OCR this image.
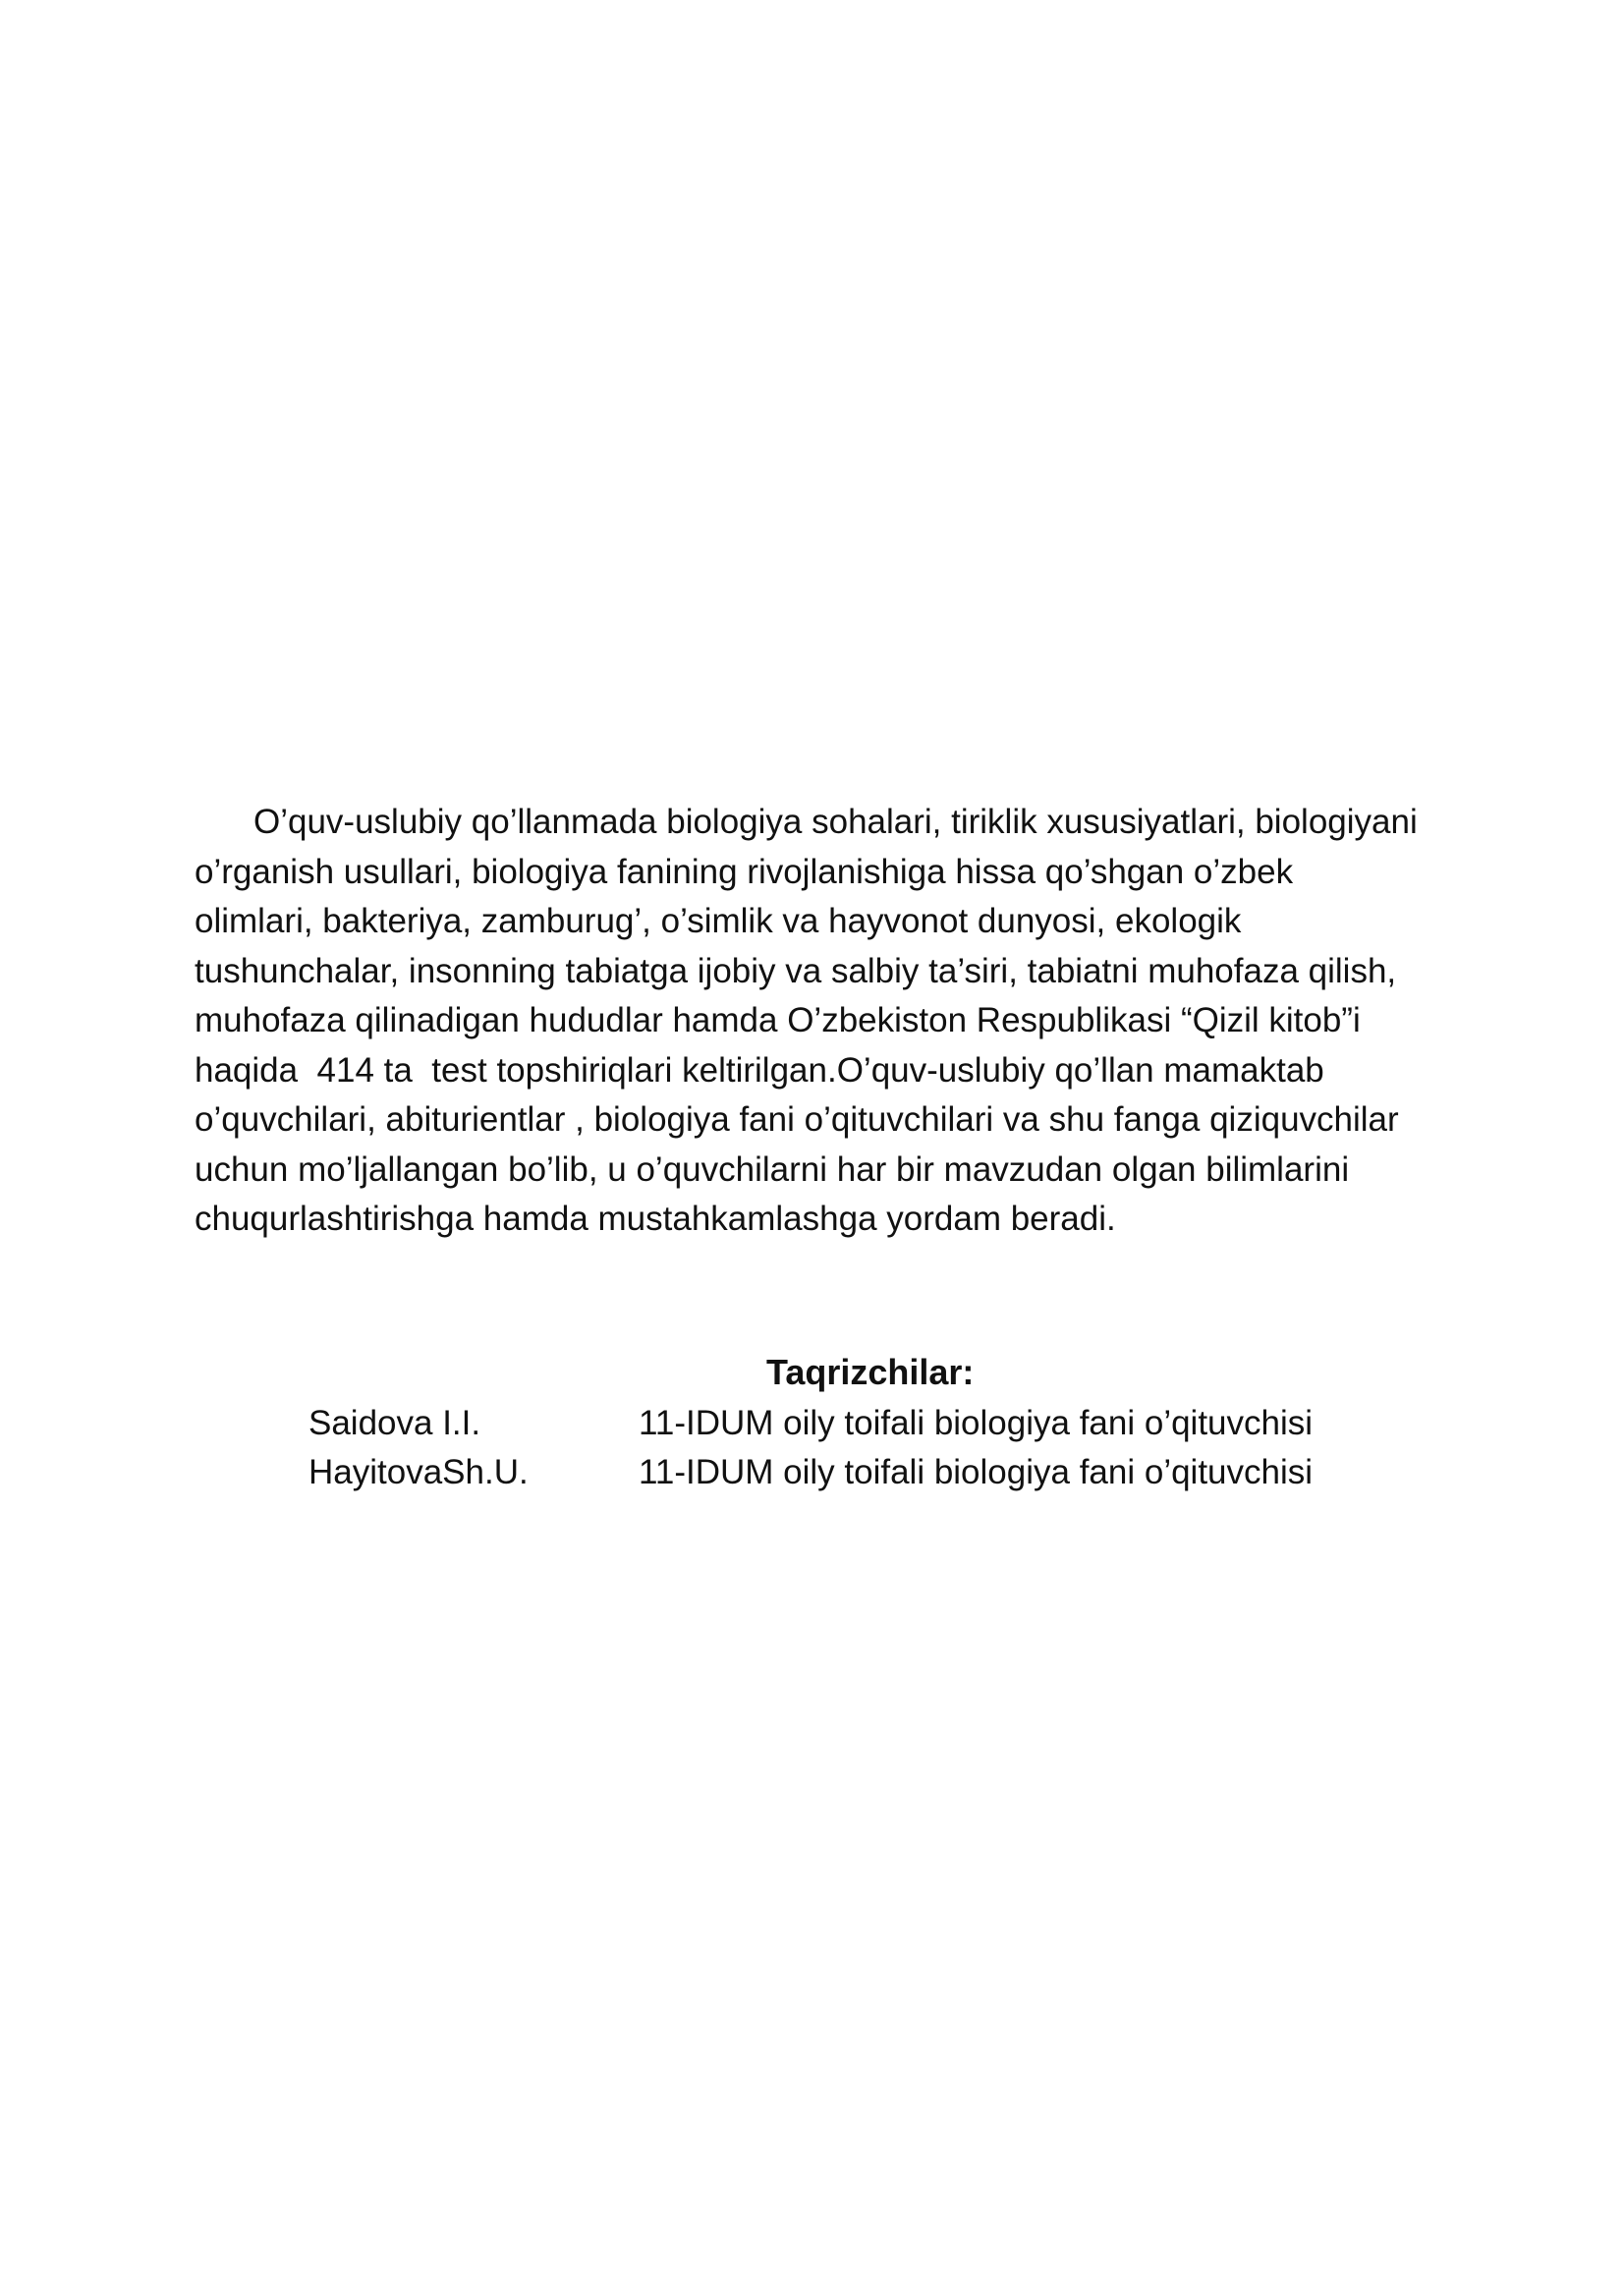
O’quv-uslubiy qo’llanmada biologiya sohalari, tiriklik xususiyatlari, biologiyani
o’rganish usullari, biologiya fanining rivojlanishiga hissa qo’shgan o’zbek
olimlari, bakteriya, zamburug’, o’simlik va hayvonot dunyosi, ekologik
tushunchalar, insonning tabiatga ijobiy va salbiy ta’siri, tabiatni muhofaza qilish,
muhofaza qilinadigan hududlar hamda O’zbekiston Respublikasi “Qizil kitob”i
haqida  414 ta  test topshiriqlari keltirilgan.O’quv-uslubiy qo’llan mamaktab
o’quvchilari, abiturientlar , biologiya fani o’qituvchilari va shu fanga qiziquvchilar
uchun mo’ljallangan bo’lib, u o’quvchilarni har bir mavzudan olgan bilimlarini
chuqurlashtirishga hamda mustahkamlashga yordam beradi.

Taqrizchilar:
Saidova I.I.	11-IDUM oily toifali biologiya fani o’qituvchisi
HayitovaSh.U.	11-IDUM oily toifali biologiya fani o’qituvchisi
